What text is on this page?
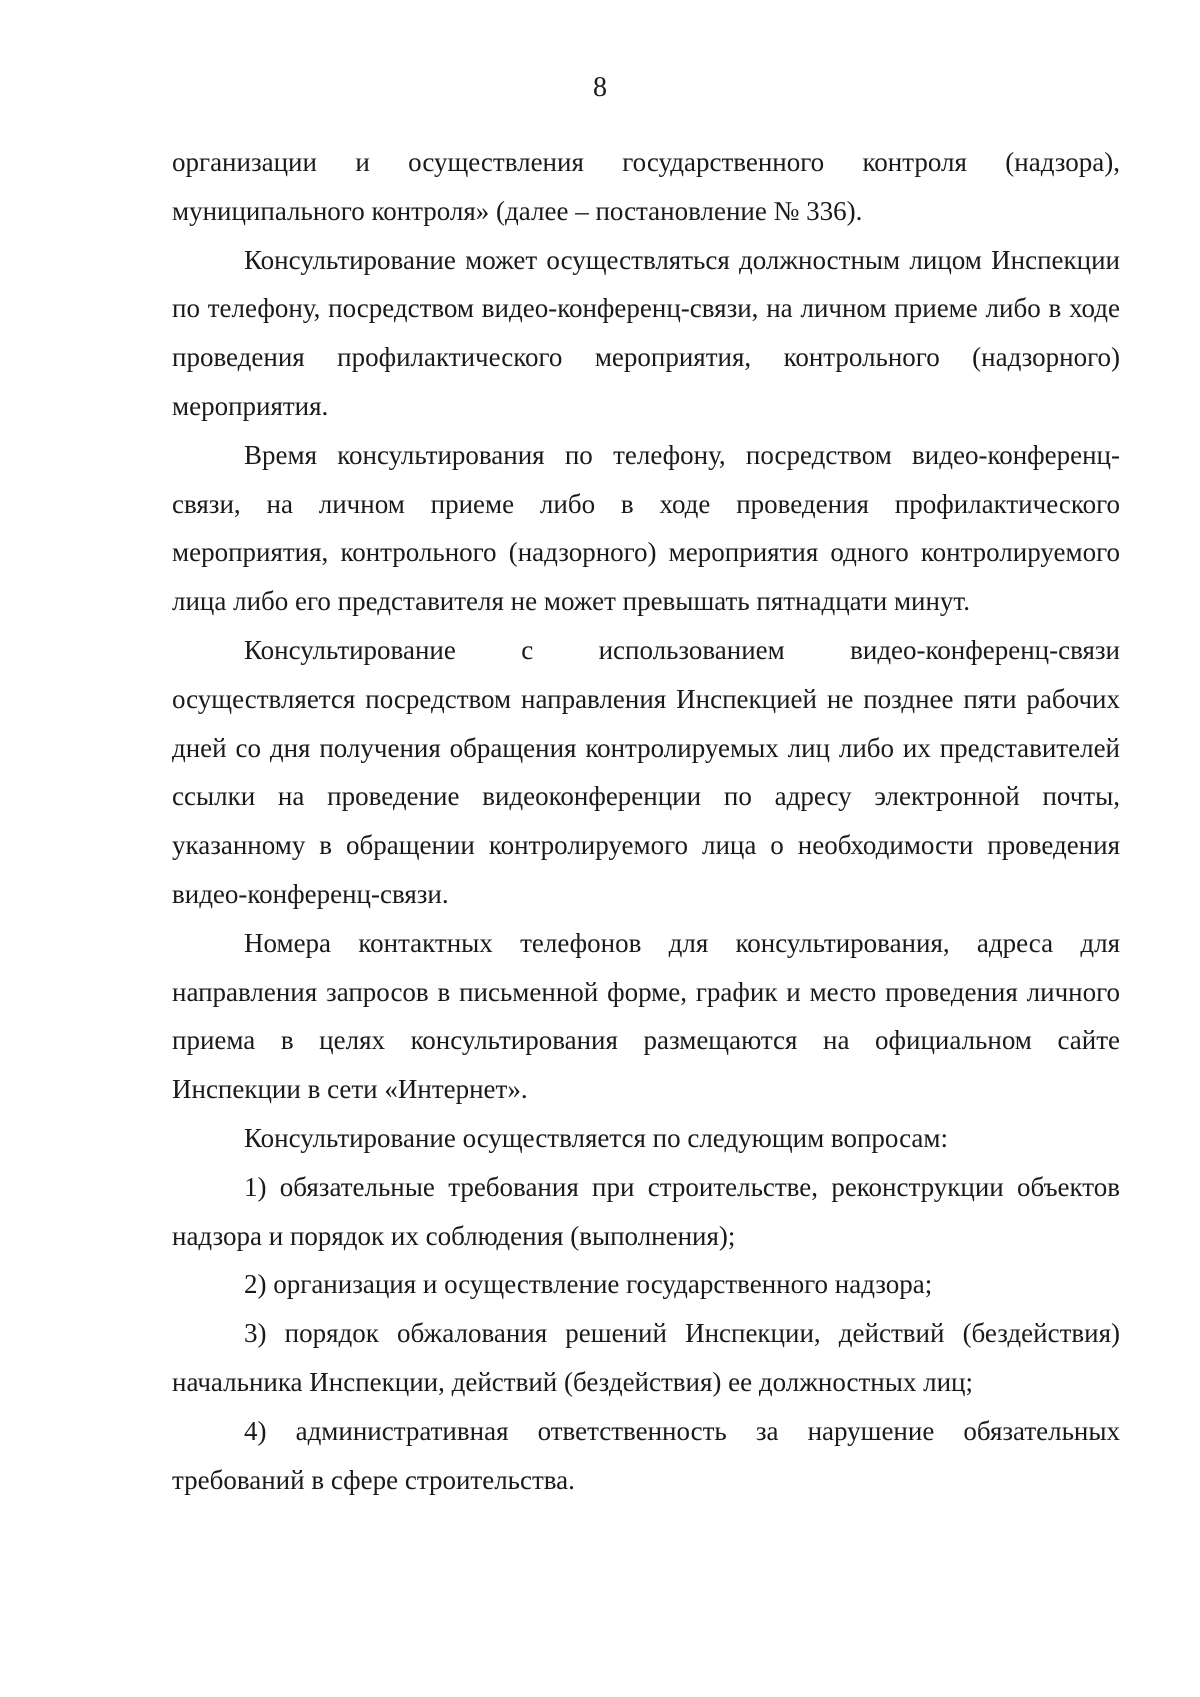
8

организации и осуществления государственного контроля (надзора), муниципального контроля» (далее – постановление № 336).

Консультирование может осуществляться должностным лицом Инспекции по телефону, посредством видео-конференц-связи, на личном приеме либо в ходе проведения профилактического мероприятия, контрольного (надзорного) мероприятия.

Время консультирования по телефону, посредством видео-конференц-связи, на личном приеме либо в ходе проведения профилактического мероприятия, контрольного (надзорного) мероприятия одного контролируемого лица либо его представителя не может превышать пятнадцати минут.

Консультирование с использованием видео-конференц-связи осуществляется посредством направления Инспекцией не позднее пяти рабочих дней со дня получения обращения контролируемых лиц либо их представителей ссылки на проведение видеоконференции по адресу электронной почты, указанному в обращении контролируемого лица о необходимости проведения видео-конференц-связи.

Номера контактных телефонов для консультирования, адреса для направления запросов в письменной форме, график и место проведения личного приема в целях консультирования размещаются на официальном сайте Инспекции в сети «Интернет».

Консультирование осуществляется по следующим вопросам:

1) обязательные требования при строительстве, реконструкции объектов надзора и порядок их соблюдения (выполнения);

2) организация и осуществление государственного надзора;

3) порядок обжалования решений Инспекции, действий (бездействия) начальника Инспекции, действий (бездействия) ее должностных лиц;

4) административная ответственность за нарушение обязательных требований в сфере строительства.
